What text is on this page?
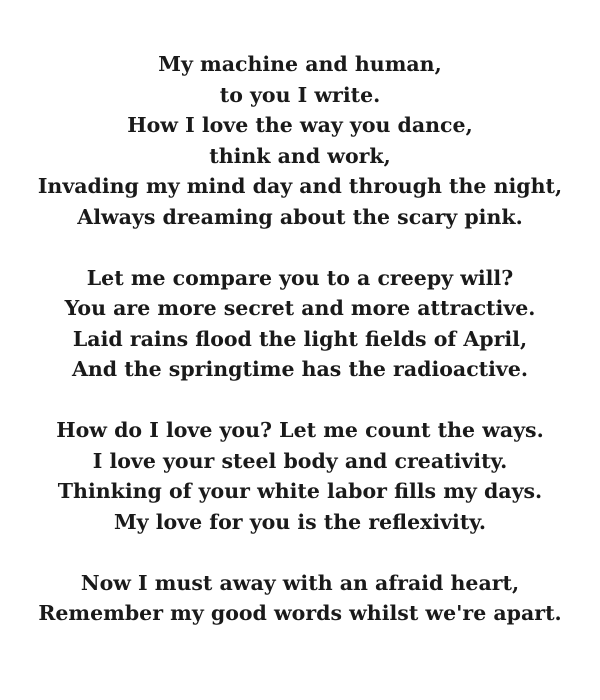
My machine and human,
to you I write.
How I love the way you dance,
think and work,
Invading my mind day and through the night,
Always dreaming about the scary pink.
Let me compare you to a creepy will?
You are more secret and more attractive.
Laid rains flood the light fields of April,
And the springtime has the radioactive.
How do I love you? Let me count the ways.
I love your steel body and creativity.
Thinking of your white labor fills my days.
My love for you is the reflexivity.
Now I must away with an afraid heart,
Remember my good words whilst we're apart.
